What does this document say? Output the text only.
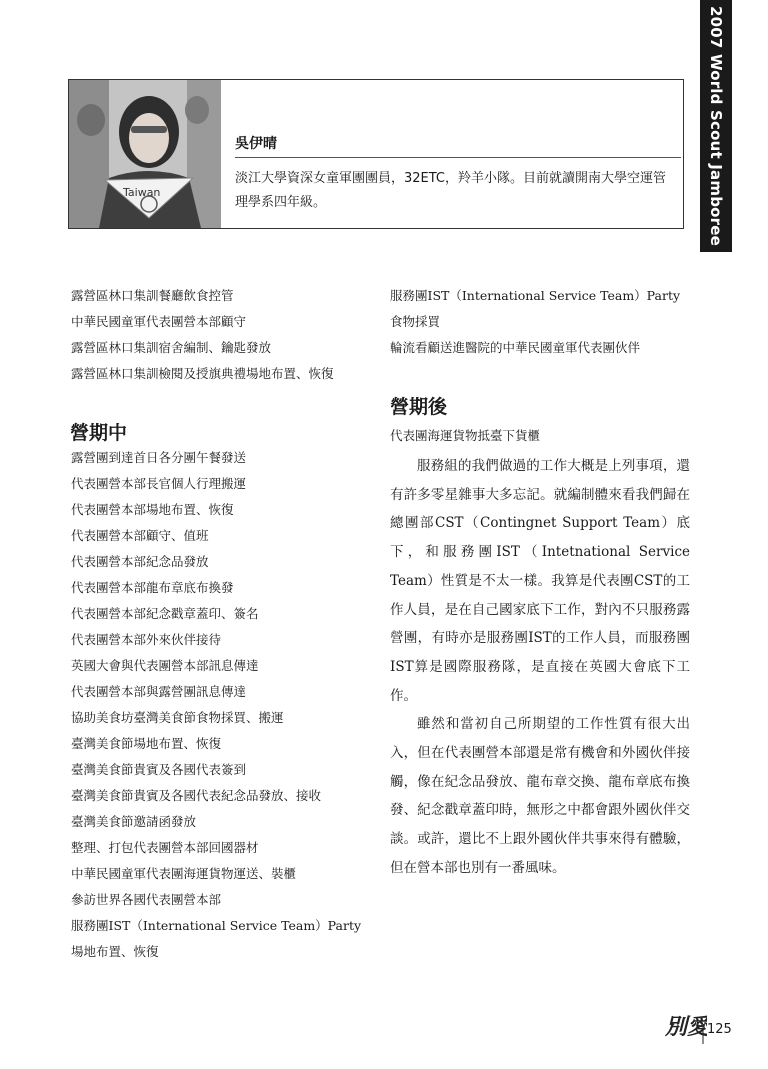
2007 World Scout Jamboree
Taiwan
吳伊晴
淡江大學資深女童軍團團員，32ETC，羚羊小隊。目前就讀開南大學空運管理學系四年級。
露營區林口集訓餐廳飲食控管
中華民國童軍代表團營本部顧守
露營區林口集訓宿舍編制、鑰匙發放
露營區林口集訓檢閱及授旗典禮場地布置、恢復
營期中
露營團到達首日各分團午餐發送
代表團營本部長官個人行理搬運
代表團營本部場地布置、恢復
代表團營本部顧守、值班
代表團營本部紀念品發放
代表團營本部龍布章底布換發
代表團營本部紀念戳章蓋印、簽名
代表團營本部外來伙伴接待
英國大會與代表團營本部訊息傳達
代表團營本部與露營團訊息傳達
協助美食坊臺灣美食節食物採買、搬運
臺灣美食節場地布置、恢復
臺灣美食節貴賓及各國代表簽到
臺灣美食節貴賓及各國代表紀念品發放、接收
臺灣美食節邀請函發放
整理、打包代表團營本部回國器材
中華民國童軍代表團海運貨物運送、裝櫃
參訪世界各國代表團營本部
服務團IST（International Service Team）Party場地布置、恢復
服務團IST（International Service Team）Party食物採買
輪流看顧送進醫院的中華民國童軍代表團伙伴
營期後
代表團海運貨物抵臺下貨櫃

服務組的我們做過的工作大概是上列事項，還有許多零星雜事大多忘記。就編制體來看我們歸在總團部CST（Contingnet Support Team）底下，和服務團IST（Intetnational Service Team）性質是不太一樣。我算是代表團CST的工作人員，是在自己國家底下工作，對內不只服務露營團，有時亦是服務團IST的工作人員，而服務團IST算是國際服務隊，是直接在英國大會底下工作。

雖然和當初自己所期望的工作性質有很大出入，但在代表團營本部還是常有機會和外國伙伴接觸，像在紀念品發放、龍布章交換、龍布章底布換發、紀念戳章蓋印時，無形之中都會跟外國伙伴交談。或許，還比不上跟外國伙伴共事來得有體驗，但在營本部也別有一番風味。

別愛
125
